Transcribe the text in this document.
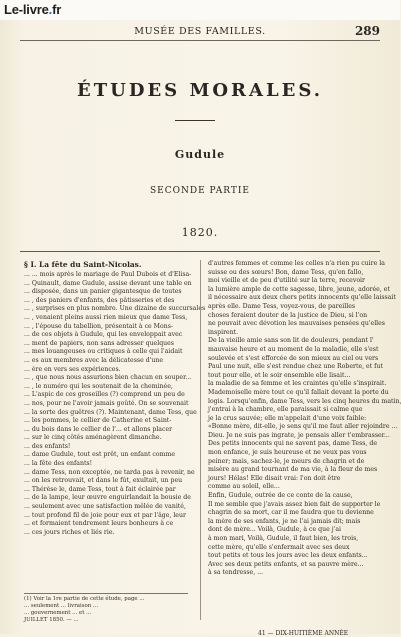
Le-livre.fr
MUSÉE DES FAMILLES.	289
ÉTUDES MORALES.
Gudule
SECONDE PARTIE
1820.
§ I. La fête du Saint-Nicolas.
... ... mois après le mariage de Paul Dubois et d'Elisa-
... Quinault, dame Gudule, assise devant une table en
... disposée, dans un panier gigantesque de toutes
... , des paniers d'enfants, des pâtisseries et des
... , surprises en plus nombre. Une dizaine de succursales
... , venaient pleins aussi rien mieux que dame Tess,
... , l'épouse du tabellion, présentait à ce Mons-
... de ces objets à Gudule, qui les enveloppait avec
... ment de papiers, non sans adresser quelques
... mes louangeuses ou critiques à celle qui l'aidait
... es aux membres avec la délicatesse d'une
... ère en vers ses expériences.
... , que nous nous assurions bien chacun en souper...
... , le numéro qui les soutenait de la cheminée,
... L'aspic de ces groseilles (?) comprend un peu de
... nos, pour ne l'avoir jamais goûté. On se souvenait
... la sorte des guêtres (?). Maintenant, dame Tess, que
... les pommes, le cellier de Catherine et Saint-
... du bois dans le cellier de l'... et allons placer
... sur le cinq côtés aménagèrent dimanche.
... des enfants!
... dame Gudule, tout est prêt, un enfant comme
... la fête des enfants!
... dame Tess, non exceptée, ne tarda pas à revenir, ne
... on les retrouvait, et dans le fût, exultait, un peu
... Thérèse le, dame Tess, tout à fait éclairée par
... de la lampe, leur œuvre enguirlandait la bousie de
... seulement avec une satisfaction mêlée de vanité,
... tout profond fil de joie pour eux et par l'âge, leur
... et formaient tendrement leurs bonheurs à ce
... ces jours riches et liés rie.
d'autres femmes et comme les celles n'a rien pu cuire la
suisse ou des sœurs! Bon, dame Tess, qu'en fallo,
moi vieille et de peu d'utilité sur la terre, recevoir
la lumière ample de cette sagesse, libre, jeune, adorée, et
il nécessaire aux deux chers petits innocents qu'elle laissait
après elle. Dame Tess, voyez-vous, de pareilles
choses feraient douter de la justice de Dieu, si l'on
ne pouvait avec dévotion les mauvaises pensées qu'elles
inspirent.
De la vieille amie sans son lit de douleurs, pendant l'
mauvaise heure et au moment de la maladie, elle s'est
soulevée et s'est efforcée de son mieux au ciel ou vers
Paul une nuit, elle s'est rendue chez une Roberte, et fut
tout pour elle, et le soir ensemble elle lisait...
la maladie de sa femme et les craintes qu'elle s'inspirait.
Mademoiselle mère tout ce qu'il fallait devant la porte du
logis. Lorsqu'enfin, dame Tess, vers les cinq heures du matin,
j'entrai à la chambre, elle paraissait si calme que
je la crus sauvée; elle m'appelait d'une voix faible:
«Bonne mère, dit-elle, je sens qu'il me faut aller rejoindre ...
Dieu. Je ne suis pas ingrate, je pensais aller t'embrasser...
Des petits innocents qui ne savent pas, dame Tess, de
mon enfance, je suis heureuse et ne veux pas vous
peiner; mais, sachez-le, je meurs de chagrin et de
misère au grand tournant de ma vie, à la fleur de mes
jours! Hélas! Elle disait vrai: l'on doit être
comme au soleil, elle...
Enfin, Gudule, outrée de ce conte de la cause,
Il me semble que j'avais assez bien fait de supporter le
chagrin de sa mort, car il me faudra que tu devienne
la mère de ses enfants, je ne l'ai jamais dit; mais
dont de mère... Voilà, Gudule, à ce que j'ai
à mon mari, Voilà, Gudule, il faut bien, les trois,
cette mère, qu'elle s'enfermait avec ses deux
tout petits et tous les jours avec les deux enfants...
Avec ses deux petits enfants, et sa pauvre mère...
à sa tendresse, ...
(1) Voir la 1re partie de cette étude, page ...
... seulement ... livraison ...
... gouvernement ... et ...
JUILLET 1850. — ...
41 — DIX-HUITIÈME ANNÉE
